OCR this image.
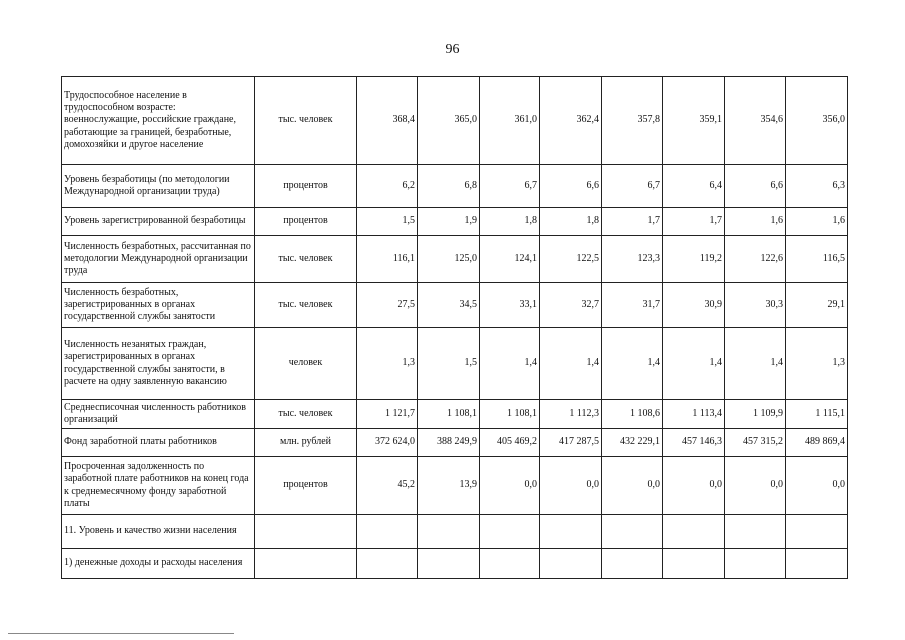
96
Трудоспособное население в трудоспособном возрасте: военнослужащие, российские граждане, работающие за границей, безработные, домохозяйки и другое население	тыс. человек	368,4	365,0	361,0	362,4	357,8	359,1	354,6	356,0
Уровень безработицы (по методологии Международной организации труда)	процентов	6,2	6,8	6,7	6,6	6,7	6,4	6,6	6,3
Уровень зарегистрированной безработицы	процентов	1,5	1,9	1,8	1,8	1,7	1,7	1,6	1,6
Численность безработных, рассчитанная по методологии Международной организации труда	тыс. человек	116,1	125,0	124,1	122,5	123,3	119,2	122,6	116,5
Численность безработных, зарегистрированных в органах государственной службы занятости	тыс. человек	27,5	34,5	33,1	32,7	31,7	30,9	30,3	29,1
Численность незанятых граждан, зарегистрированных в органах государственной службы занятости, в расчете на одну заявленную вакансию	человек	1,3	1,5	1,4	1,4	1,4	1,4	1,4	1,3
Среднесписочная численность работников организаций	тыс. человек	1 121,7	1 108,1	1 108,1	1 112,3	1 108,6	1 113,4	1 109,9	1 115,1
Фонд заработной платы работников	млн. рублей	372 624,0	388 249,9	405 469,2	417 287,5	432 229,1	457 146,3	457 315,2	489 869,4
Просроченная задолженность по заработной плате работников на конец года к среднемесячному фонду заработной платы	процентов	45,2	13,9	0,0	0,0	0,0	0,0	0,0	0,0
11. Уровень и качество жизни населения									
1) денежные доходы и расходы населения									
